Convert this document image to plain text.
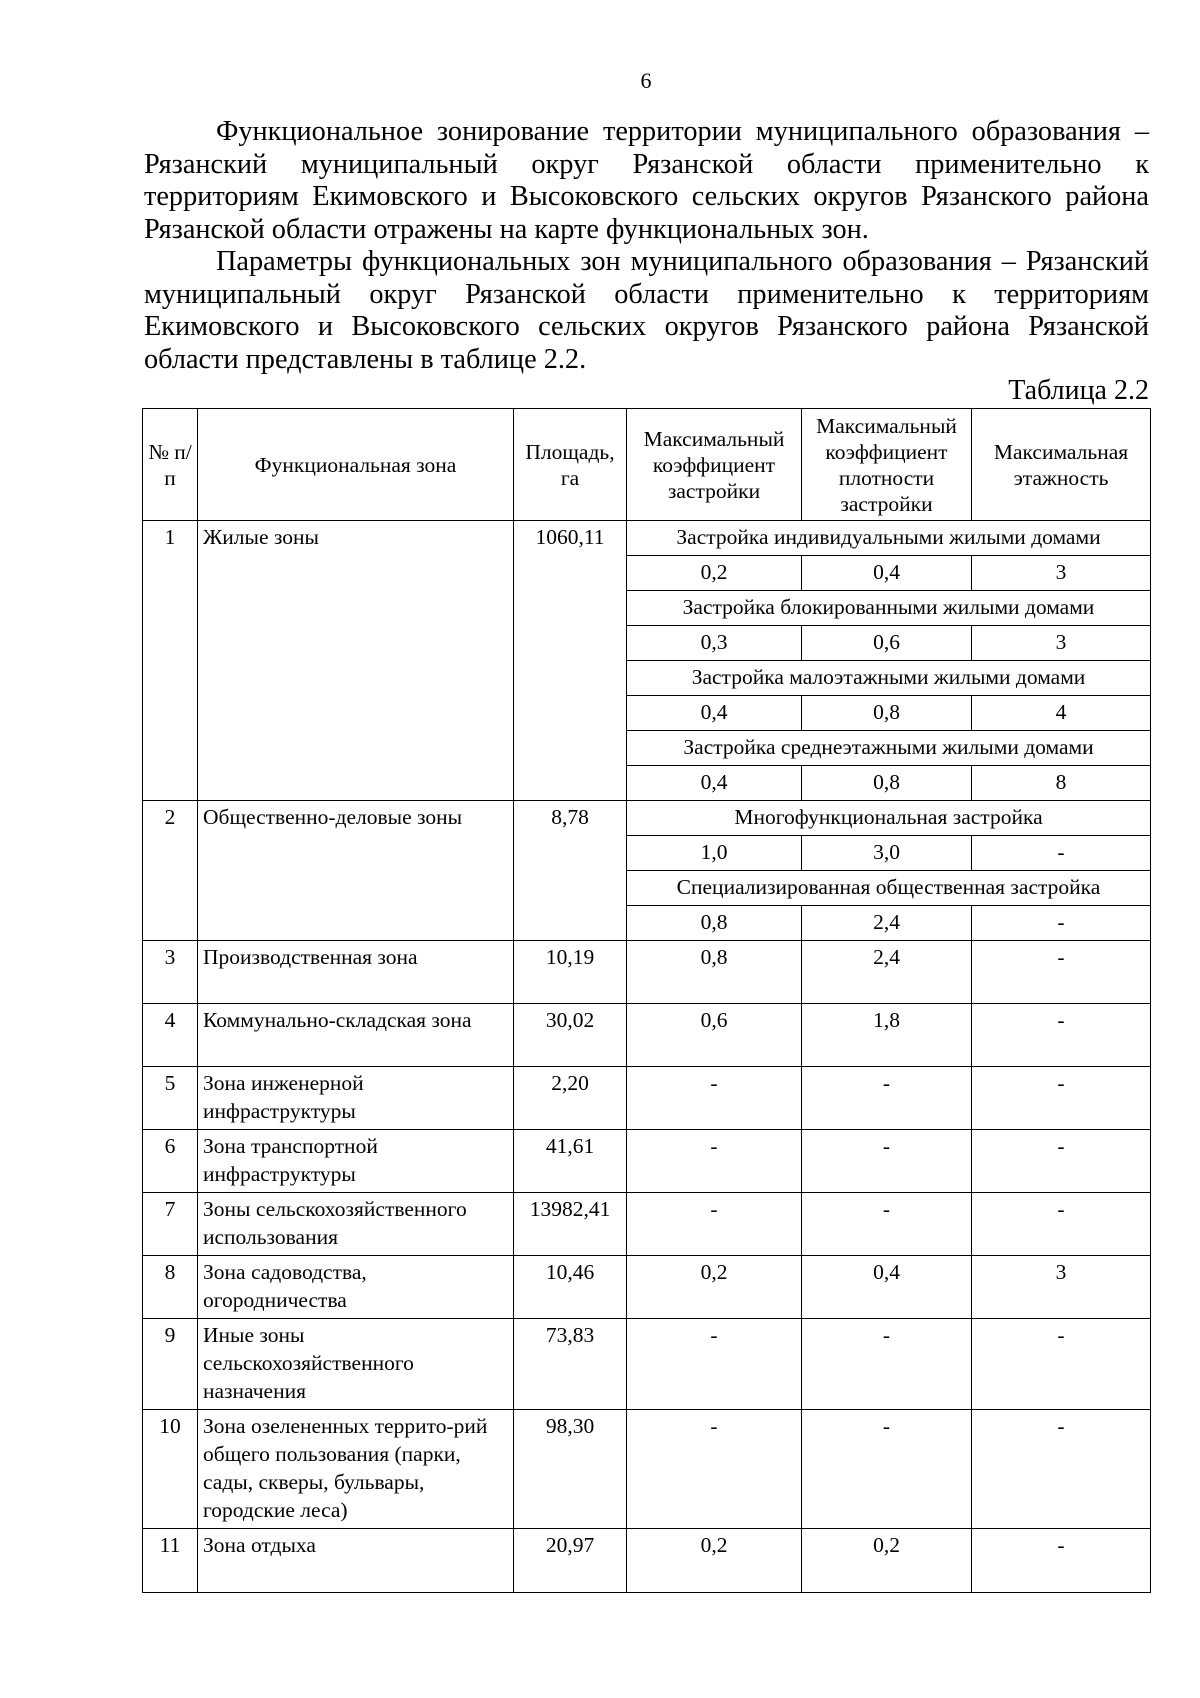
6

Функциональное зонирование территории муниципального образования – Рязанский муниципальный округ Рязанской области применительно к территориям Екимовского и Высоковского сельских округов Рязанского района Рязанской области отражены на карте функциональных зон.

Параметры функциональных зон муниципального образования – Рязанский муниципальный округ Рязанской области применительно к территориям Екимовского и Высоковского сельских округов Рязанского района Рязанской области представлены в таблице 2.2.

Таблица 2.2
№ п/п	Функциональная зона	Площадь, га	Максимальный коэффициент застройки	Максимальный коэффициент плотности застройки	Максимальная этажность
1	Жилые зоны	1060,11	Застройка индивидуальными жилыми домами		
			0,2	0,4	3
			Застройка блокированными жилыми домами		
			0,3	0,6	3
			Застройка малоэтажными жилыми домами		
			0,4	0,8	4
			Застройка среднеэтажными жилыми домами		
			0,4	0,8	8
2	Общественно-деловые зоны	8,78	Многофункциональная застройка		
			1,0	3,0	-
			Специализированная общественная застройка		
			0,8	2,4	-
3	Производственная зона	10,19	0,8	2,4	-
4	Коммунально-складская зона	30,02	0,6	1,8	-
5	Зона инженерной инфраструктуры	2,20	-	-	-
6	Зона транспортной инфраструктуры	41,61	-	-	-
7	Зоны сельскохозяйственного использования	13982,41	-	-	-
8	Зона садоводства, огородничества	10,46	0,2	0,4	3
9	Иные зоны сельскохозяйственного назначения	73,83	-	-	-
10	Зона озелененных террито-рий общего пользования (парки, сады, скверы, бульвары, городские леса)	98,30	-	-	-
11	Зона отдыха	20,97	0,2	0,2	-
